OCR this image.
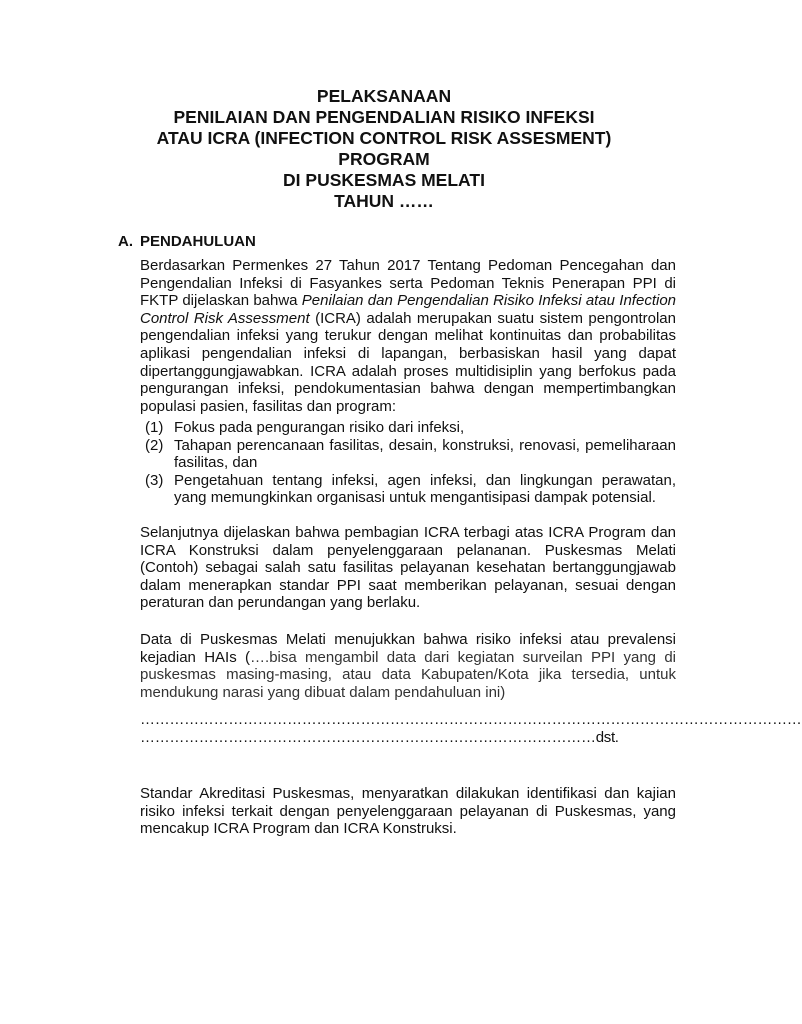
PELAKSANAAN
PENILAIAN DAN PENGENDALIAN RISIKO INFEKSI
ATAU ICRA (INFECTION CONTROL RISK ASSESMENT)
PROGRAM
DI PUSKESMAS MELATI
TAHUN ……
A. PENDAHULUAN

Berdasarkan Permenkes 27 Tahun 2017 Tentang Pedoman Pencegahan dan Pengendalian Infeksi di Fasyankes serta Pedoman Teknis Penerapan PPI di FKTP dijelaskan bahwa Penilaian dan Pengendalian Risiko Infeksi atau Infection Control Risk Assessment (ICRA) adalah merupakan suatu sistem pengontrolan pengendalian infeksi yang terukur dengan melihat kontinuitas dan probabilitas aplikasi pengendalian infeksi di lapangan, berbasiskan hasil yang dapat dipertanggungjawabkan. ICRA adalah proses multidisiplin yang berfokus pada pengurangan infeksi, pendokumentasian bahwa dengan mempertimbangkan populasi pasien, fasilitas dan program:

(1) Fokus pada pengurangan risiko dari infeksi,
(2) Tahapan perencanaan fasilitas, desain, konstruksi, renovasi, pemeliharaan fasilitas, dan
(3) Pengetahuan tentang infeksi, agen infeksi, dan lingkungan perawatan, yang memungkinkan organisasi untuk mengantisipasi dampak potensial.

Selanjutnya dijelaskan bahwa pembagian ICRA terbagi atas ICRA Program dan ICRA Konstruksi dalam penyelenggaraan pelananan. Puskesmas Melati (Contoh) sebagai salah satu fasilitas pelayanan kesehatan bertanggungjawab dalam menerapkan standar PPI saat memberikan pelayanan, sesuai dengan peraturan dan perundangan yang berlaku.

Data di Puskesmas Melati menujukkan bahwa risiko infeksi atau prevalensi kejadian HAIs (….bisa mengambil data dari kegiatan surveilan PPI yang di puskesmas masing-masing, atau data Kabupaten/Kota jika tersedia, untuk mendukung narasi yang dibuat dalam pendahuluan ini)

………………………………………………………………………………………………………………………
…………………………………………………………………………………dst.

Standar Akreditasi Puskesmas, menyaratkan dilakukan identifikasi dan kajian risiko infeksi terkait dengan penyelenggaraan pelayanan di Puskesmas, yang mencakup ICRA Program dan ICRA Konstruksi.
